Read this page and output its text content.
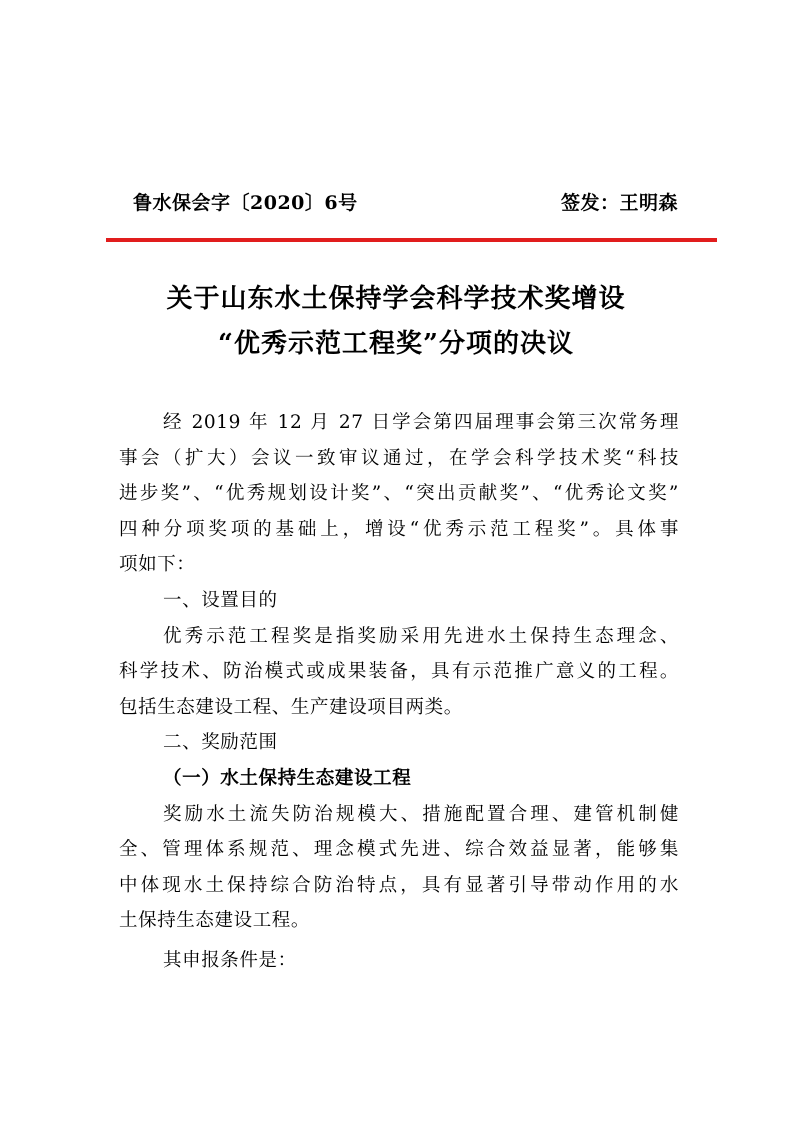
鲁水保会字〔2020〕6号	签发：王明森
关于山东水土保持学会科学技术奖增设
“优秀示范工程奖”分项的决议
经 2019 年 12 月 27 日学会第四届理事会第三次常务理
事会（扩大）会议一致审议通过，在学会科学技术奖“科技
进步奖”、“优秀规划设计奖”、“突出贡献奖”、“优秀论文奖”
四种分项奖项的基础上，增设“优秀示范工程奖”。具体事
项如下：
一、设置目的
优秀示范工程奖是指奖励采用先进水土保持生态理念、
科学技术、防治模式或成果装备，具有示范推广意义的工程。
包括生态建设工程、生产建设项目两类。
二、奖励范围
（一）水土保持生态建设工程
奖励水土流失防治规模大、措施配置合理、建管机制健
全、管理体系规范、理念模式先进、综合效益显著，能够集
中体现水土保持综合防治特点，具有显著引导带动作用的水
土保持生态建设工程。
其申报条件是：
